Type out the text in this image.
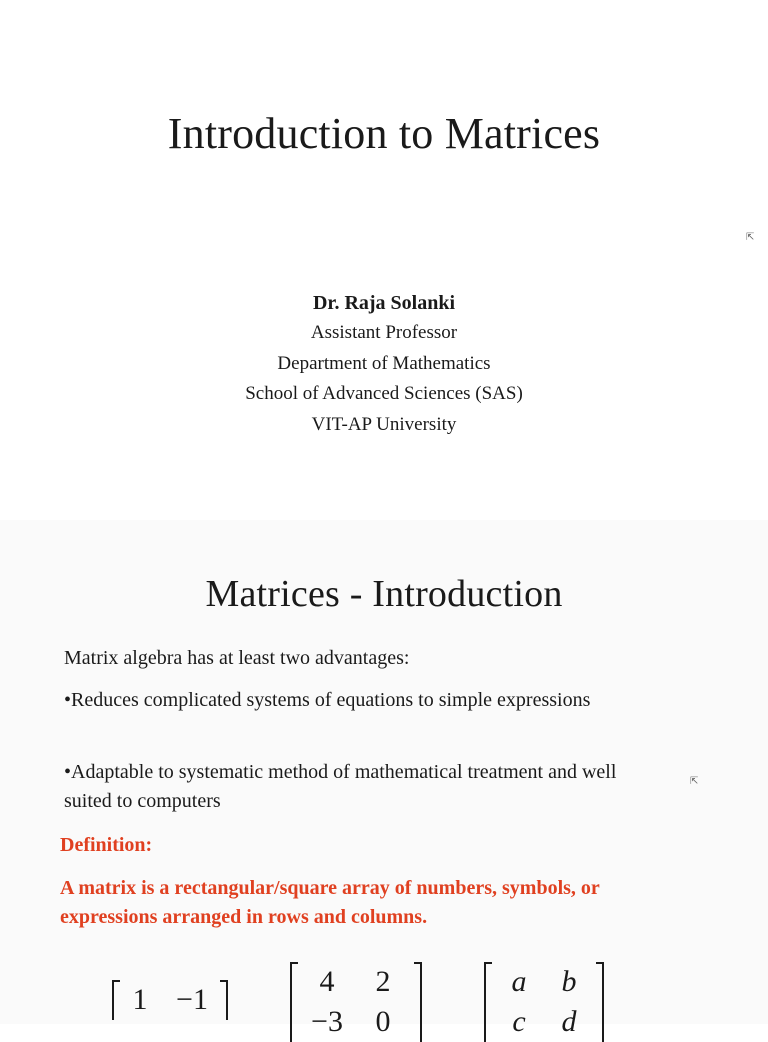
Introduction to Matrices
Dr. Raja Solanki
Assistant Professor
Department of Mathematics
School of Advanced Sciences (SAS)
VIT-AP University
⇱
Matrices - Introduction

Matrix algebra has at least two advantages:

•Reduces complicated systems of equations to simple expressions

•Adaptable to systematic method of mathematical treatment and well suited to computers

⇱

Definition:

A matrix is a rectangular/square array of numbers, symbols, or expressions arranged in rows and columns.

1 −1
4	2
−3	0
a	b
c	d
